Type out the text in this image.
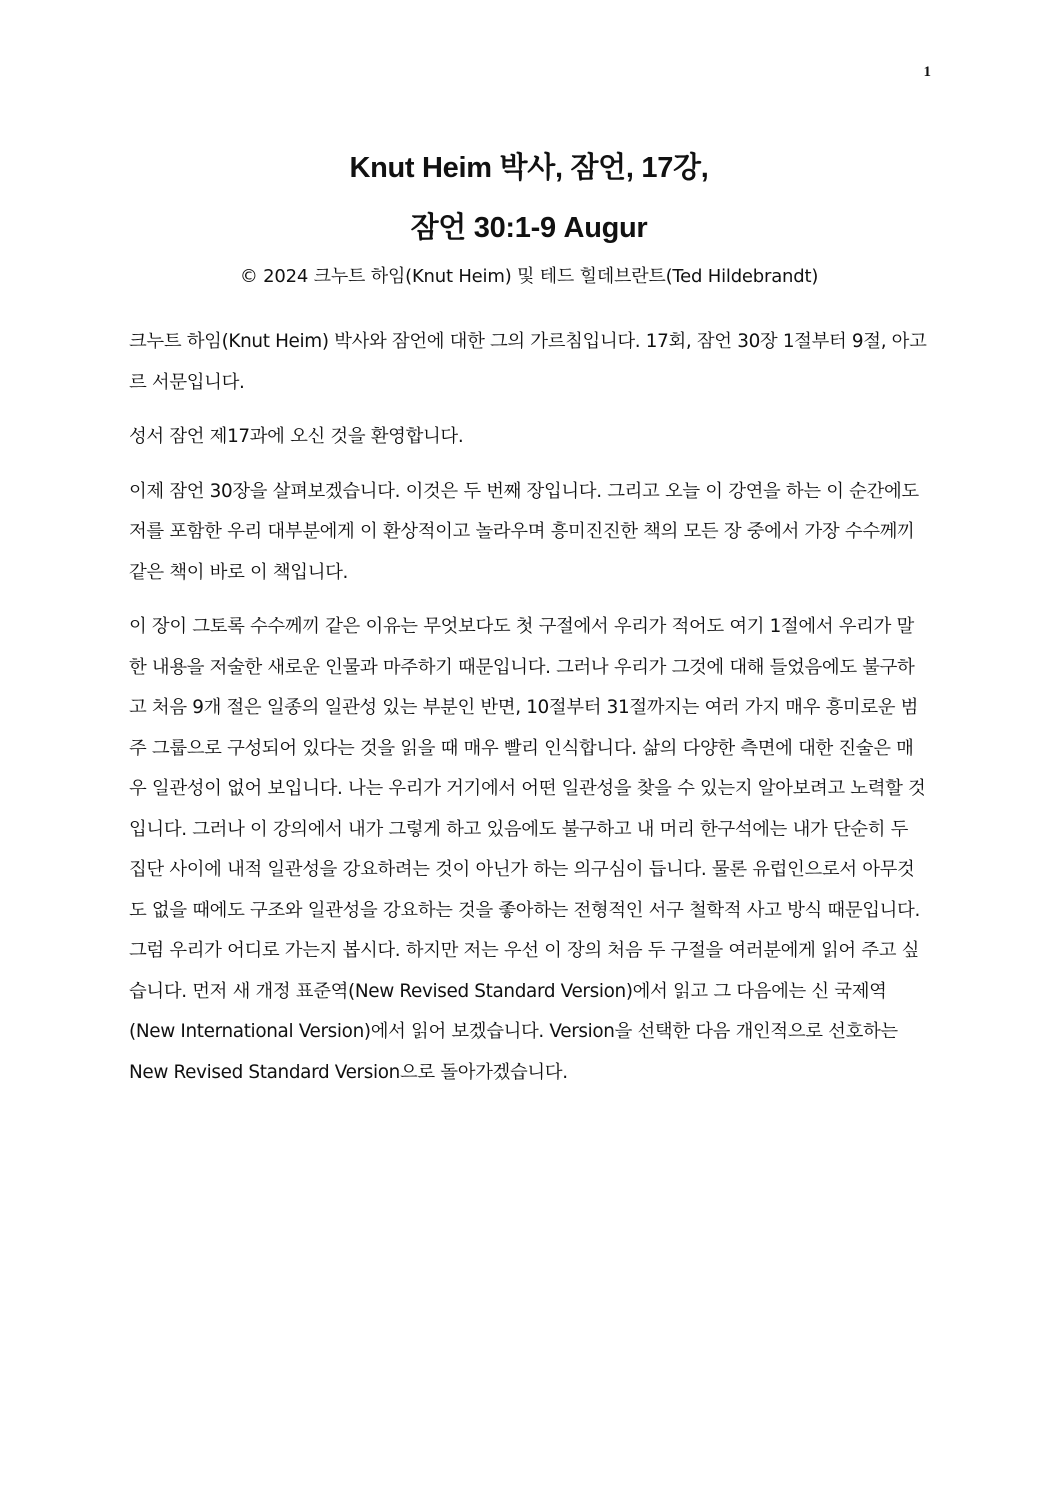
1
Knut Heim 박사, 잠언, 17강,
잠언 30:1-9 Augur
© 2024 크누트 하임(Knut Heim) 및 테드 힐데브란트(Ted Hildebrandt)

크누트 하임(Knut Heim) 박사와 잠언에 대한 그의 가르침입니다. 17회, 잠언 30장 1절부터 9절, 아고르 서문입니다.

성서 잠언 제17과에 오신 것을 환영합니다.

이제 잠언 30장을 살펴보겠습니다. 이것은 두 번째 장입니다. 그리고 오늘 이 강연을 하는 이 순간에도 저를 포함한 우리 대부분에게 이 환상적이고 놀라우며 흥미진진한 책의 모든 장 중에서 가장 수수께끼 같은 책이 바로 이 책입니다.

이 장이 그토록 수수께끼 같은 이유는 무엇보다도 첫 구절에서 우리가 적어도 여기 1절에서 우리가 말한 내용을 저술한 새로운 인물과 마주하기 때문입니다. 그러나 우리가 그것에 대해 들었음에도 불구하고 처음 9개 절은 일종의 일관성 있는 부분인 반면, 10절부터 31절까지는 여러 가지 매우 흥미로운 범주 그룹으로 구성되어 있다는 것을 읽을 때 매우 빨리 인식합니다. 삶의 다양한 측면에 대한 진술은 매우 일관성이 없어 보입니다. 나는 우리가 거기에서 어떤 일관성을 찾을 수 있는지 알아보려고 노력할 것입니다. 그러나 이 강의에서 내가 그렇게 하고 있음에도 불구하고 내 머리 한구석에는 내가 단순히 두 집단 사이에 내적 일관성을 강요하려는 것이 아닌가 하는 의구심이 듭니다. 물론 유럽인으로서 아무것도 없을 때에도 구조와 일관성을 강요하는 것을 좋아하는 전형적인 서구 철학적 사고 방식 때문입니다. 그럼 우리가 어디로 가는지 봅시다. 하지만 저는 우선 이 장의 처음 두 구절을 여러분에게 읽어 주고 싶습니다. 먼저 새 개정 표준역(New Revised Standard Version)에서 읽고 그 다음에는 신 국제역(New International Version)에서 읽어 보겠습니다. Version을 선택한 다음 개인적으로 선호하는 New Revised Standard Version으로 돌아가겠습니다.
